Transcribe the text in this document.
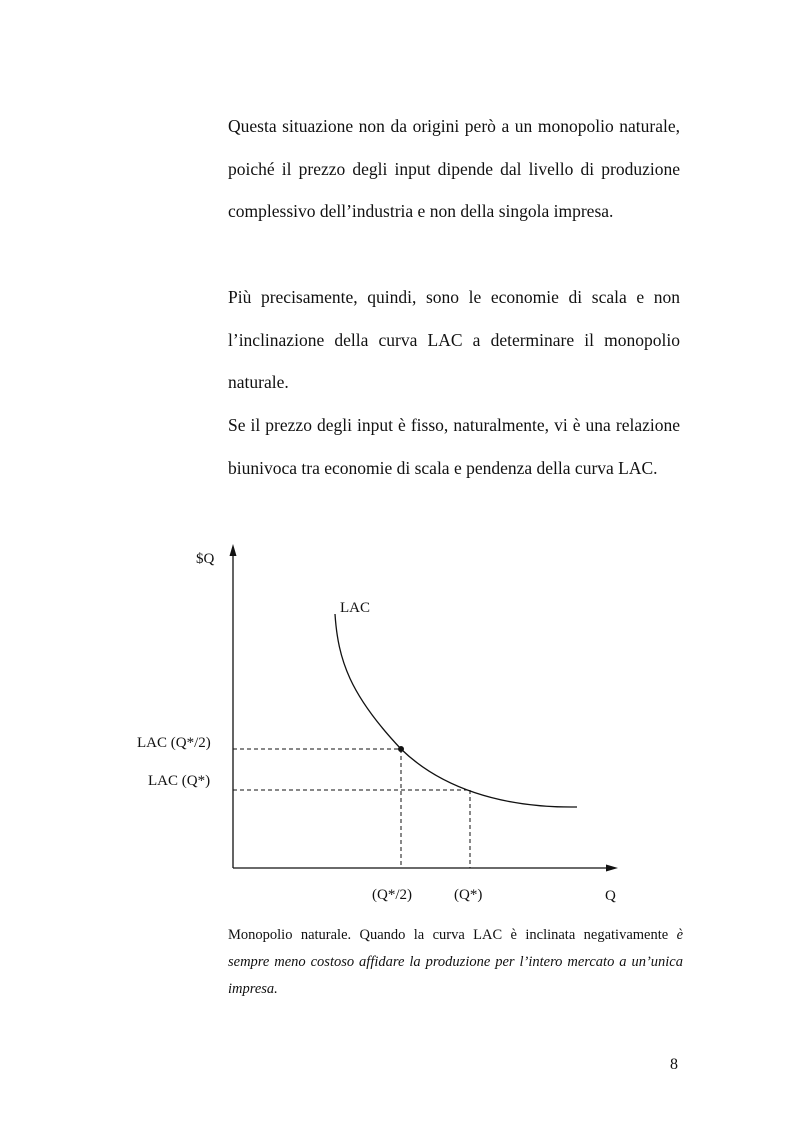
Questa situazione non da origini però a un monopolio naturale, poiché il prezzo degli input dipende dal livello di produzione complessivo dell’industria e non della singola impresa.

Più precisamente, quindi, sono le economie di scala e non l’inclinazione della curva LAC a determinare il monopolio naturale.

Se il prezzo degli input è fisso, naturalmente, vi è una relazione biunivoca tra economie di scala e pendenza della curva LAC.

$Q
LAC
LAC (Q*/2)
LAC (Q*)
(Q*/2)	(Q*)	Q

Monopolio naturale. Quando la curva LAC è inclinata negativamente è sempre meno costoso affidare la produzione per l’intero mercato a un’unica impresa.

8
